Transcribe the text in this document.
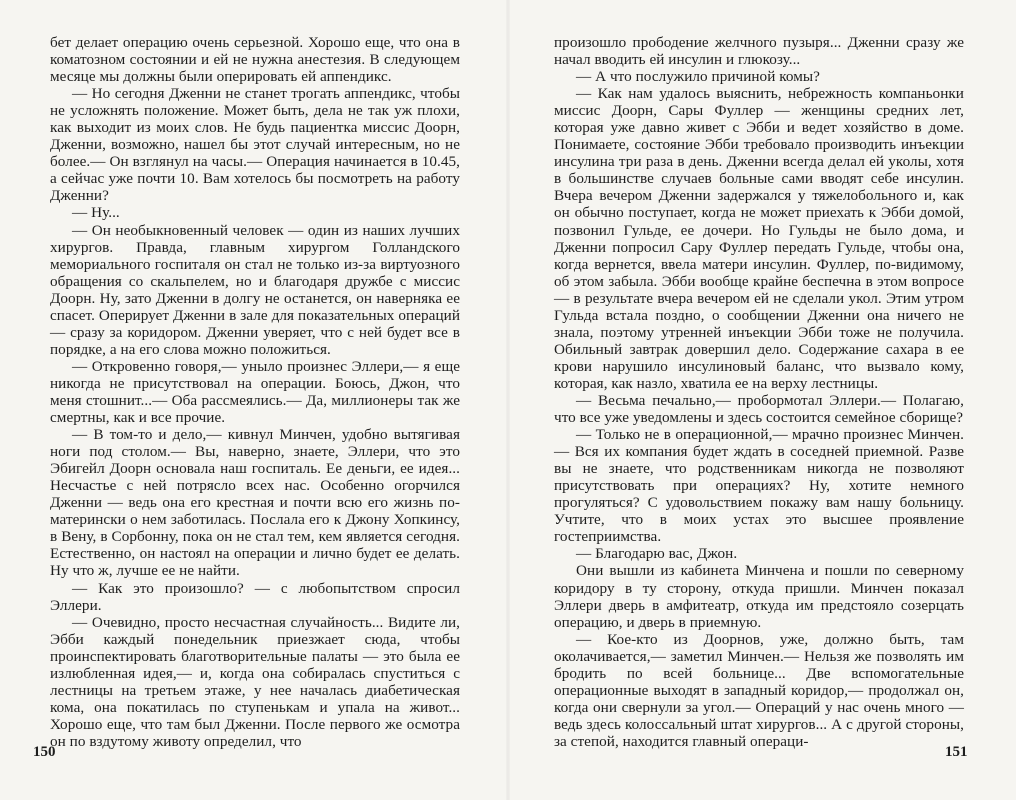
бет делает операцию очень серьезной. Хорошо еще, что она в коматозном состоянии и ей не нужна анестезия. В следующем месяце мы должны были оперировать ей аппендикс.

— Но сегодня Дженни не станет трогать аппендикс, чтобы не усложнять положение. Может быть, дела не так уж плохи, как выходит из моих слов. Не будь пациентка миссис Доорн, Дженни, возможно, нашел бы этот случай интересным, но не более.— Он взглянул на часы.— Операция начинается в 10.45, а сейчас уже почти 10. Вам хотелось бы посмотреть на работу Дженни?

— Ну...

— Он необыкновенный человек — один из наших лучших хирургов. Правда, главным хирургом Голландского мемориального госпиталя он стал не только из-за виртуозного обращения со скальпелем, но и благодаря дружбе с миссис Доорн. Ну, зато Дженни в долгу не останется, он наверняка ее спасет. Оперирует Дженни в зале для показательных операций — сразу за коридором. Дженни уверяет, что с ней будет все в порядке, а на его слова можно положиться.

— Откровенно говоря,— уныло произнес Эллери,— я еще никогда не присутствовал на операции. Боюсь, Джон, что меня стошнит...— Оба рассмеялись.— Да, миллионеры так же смертны, как и все прочие.

— В том-то и дело,— кивнул Минчен, удобно вытягивая ноги под столом.— Вы, наверно, знаете, Эллери, что это Эбигейл Доорн основала наш госпиталь. Ее деньги, ее идея... Несчастье с ней потрясло всех нас. Особенно огорчился Дженни — ведь она его крестная и почти всю его жизнь по-матерински о нем заботилась. Послала его к Джону Хопкинсу, в Вену, в Сорбонну, пока он не стал тем, кем является сегодня. Естественно, он настоял на операции и лично будет ее делать. Ну что ж, лучше ее не найти.

— Как это произошло? — с любопытством спросил Эллери.

— Очевидно, просто несчастная случайность... Видите ли, Эбби каждый понедельник приезжает сюда, чтобы проинспектировать благотворительные палаты — это была ее излюбленная идея,— и, когда она собиралась спуститься с лестницы на третьем этаже, у нее началась диабетическая кома, она покатилась по ступенькам и упала на живот... Хорошо еще, что там был Дженни. После первого же осмотра он по вздутому животу определил, что

произошло прободение желчного пузыря... Дженни сразу же начал вводить ей инсулин и глюкозу...

— А что послужило причиной комы?

— Как нам удалось выяснить, небрежность компаньонки миссис Доорн, Сары Фуллер — женщины средних лет, которая уже давно живет с Эбби и ведет хозяйство в доме. Понимаете, состояние Эбби требовало производить инъекции инсулина три раза в день. Дженни всегда делал ей уколы, хотя в большинстве случаев больные сами вводят себе инсулин. Вчера вечером Дженни задержался у тяжелобольного и, как он обычно поступает, когда не может приехать к Эбби домой, позвонил Гульде, ее дочери. Но Гульды не было дома, и Дженни попросил Сару Фуллер передать Гульде, чтобы она, когда вернется, ввела матери инсулин. Фуллер, по-видимому, об этом забыла. Эбби вообще крайне беспечна в этом вопросе — в результате вчера вечером ей не сделали укол. Этим утром Гульда встала поздно, о сообщении Дженни она ничего не знала, поэтому утренней инъекции Эбби тоже не получила. Обильный завтрак довершил дело. Содержание сахара в ее крови нарушило инсулиновый баланс, что вызвало кому, которая, как назло, хватила ее на верху лестницы.

— Весьма печально,— пробормотал Эллери.— Полагаю, что все уже уведомлены и здесь состоится семейное сборище?

— Только не в операционной,— мрачно произнес Минчен.— Вся их компания будет ждать в соседней приемной. Разве вы не знаете, что родственникам никогда не позволяют присутствовать при операциях? Ну, хотите немного прогуляться? С удовольствием покажу вам нашу больницу. Учтите, что в моих устах это высшее проявление гостеприимства.

— Благодарю вас, Джон.

Они вышли из кабинета Минчена и пошли по северному коридору в ту сторону, откуда пришли. Минчен показал Эллери дверь в амфитеатр, откуда им предстояло созерцать операцию, и дверь в приемную.

— Кое-кто из Доорнов, уже, должно быть, там околачивается,— заметил Минчен.— Нельзя же позволять им бродить по всей больнице... Две вспомогательные операционные выходят в западный коридор,— продолжал он, когда они свернули за угол.— Операций у нас очень много — ведь здесь колоссальный штат хирургов... А с другой стороны, за степой, находится главный операци-

150	151
